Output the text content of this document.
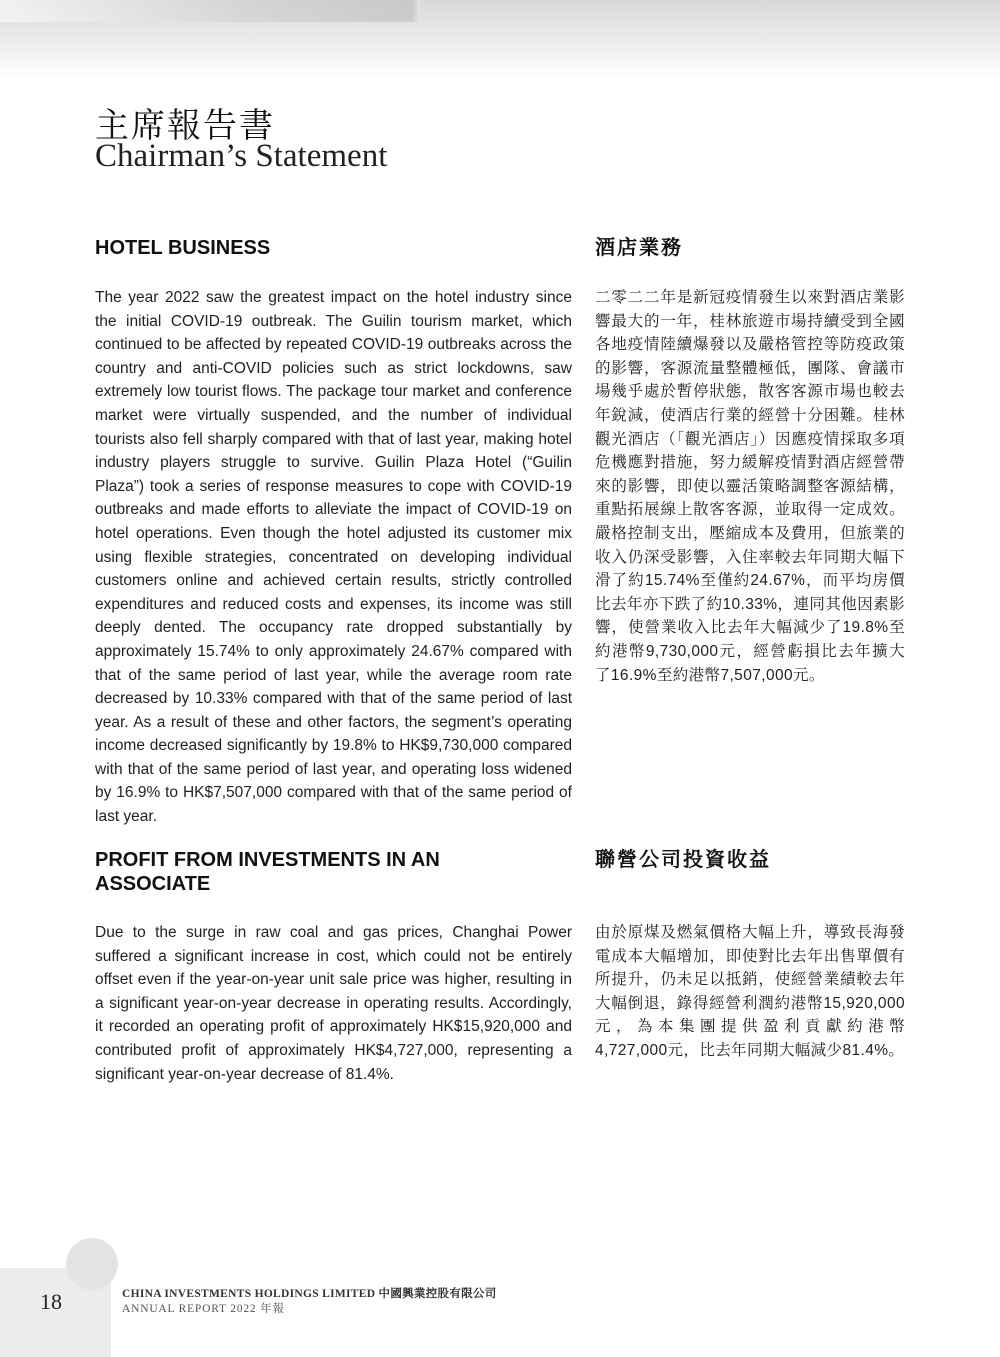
主席報告書
Chairman’s Statement
HOTEL BUSINESS	酒店業務

The year 2022 saw the greatest impact on the hotel industry since the initial COVID-19 outbreak. The Guilin tourism market, which continued to be affected by repeated COVID-19 outbreaks across the country and anti-COVID policies such as strict lockdowns, saw extremely low tourist flows. The package tour market and conference market were virtually suspended, and the number of individual tourists also fell sharply compared with that of last year, making hotel industry players struggle to survive. Guilin Plaza Hotel (“Guilin Plaza”) took a series of response measures to cope with COVID-19 outbreaks and made efforts to alleviate the impact of COVID-19 on hotel operations. Even though the hotel adjusted its customer mix using flexible strategies, concentrated on developing individual customers online and achieved certain results, strictly controlled expenditures and reduced costs and expenses, its income was still deeply dented. The occupancy rate dropped substantially by approximately 15.74% to only approximately 24.67% compared with that of the same period of last year, while the average room rate decreased by 10.33% compared with that of the same period of last year. As a result of these and other factors, the segment’s operating income decreased significantly by 19.8% to HK$9,730,000 compared with that of the same period of last year, and operating loss widened by 16.9% to HK$7,507,000 compared with that of the same period of last year.

二零二二年是新冠疫情發生以來對酒店業影響最大的一年，桂林旅遊市場持續受到全國各地疫情陸續爆發以及嚴格管控等防疫政策的影響，客源流量整體極低，團隊、會議市場幾乎處於暫停狀態，散客客源市場也較去年銳減，使酒店行業的經營十分困難。桂林觀光酒店（「觀光酒店」）因應疫情採取多項危機應對措施，努力緩解疫情對酒店經營帶來的影響，即使以靈活策略調整客源結構，重點拓展線上散客客源，並取得一定成效。嚴格控制支出，壓縮成本及費用，但旅業的收入仍深受影響，入住率較去年同期大幅下滑了約15.74%至僅約24.67%，而平均房價比去年亦下跌了約10.33%，連同其他因素影響，使營業收入比去年大幅減少了19.8%至約港幣9,730,000元，經營虧損比去年擴大了16.9%至約港幣7,507,000元。

PROFIT FROM INVESTMENTS IN AN ASSOCIATE
聯營公司投資收益

Due to the surge in raw coal and gas prices, Changhai Power suffered a significant increase in cost, which could not be entirely offset even if the year-on-year unit sale price was higher, resulting in a significant year-on-year decrease in operating results. Accordingly, it recorded an operating profit of approximately HK$15,920,000 and contributed profit of approximately HK$4,727,000, representing a significant year-on-year decrease of 81.4%.

由於原煤及燃氣價格大幅上升，導致長海發電成本大幅增加，即使對比去年出售單價有所提升，仍未足以抵銷，使經營業績較去年大幅倒退，錄得經營利潤約港幣15,920,000元，為本集團提供盈利貢獻約港幣4,727,000元，比去年同期大幅減少81.4%。

18	CHINA INVESTMENTS HOLDINGS LIMITED 中國興業控股有限公司
ANNUAL REPORT 2022 年報
